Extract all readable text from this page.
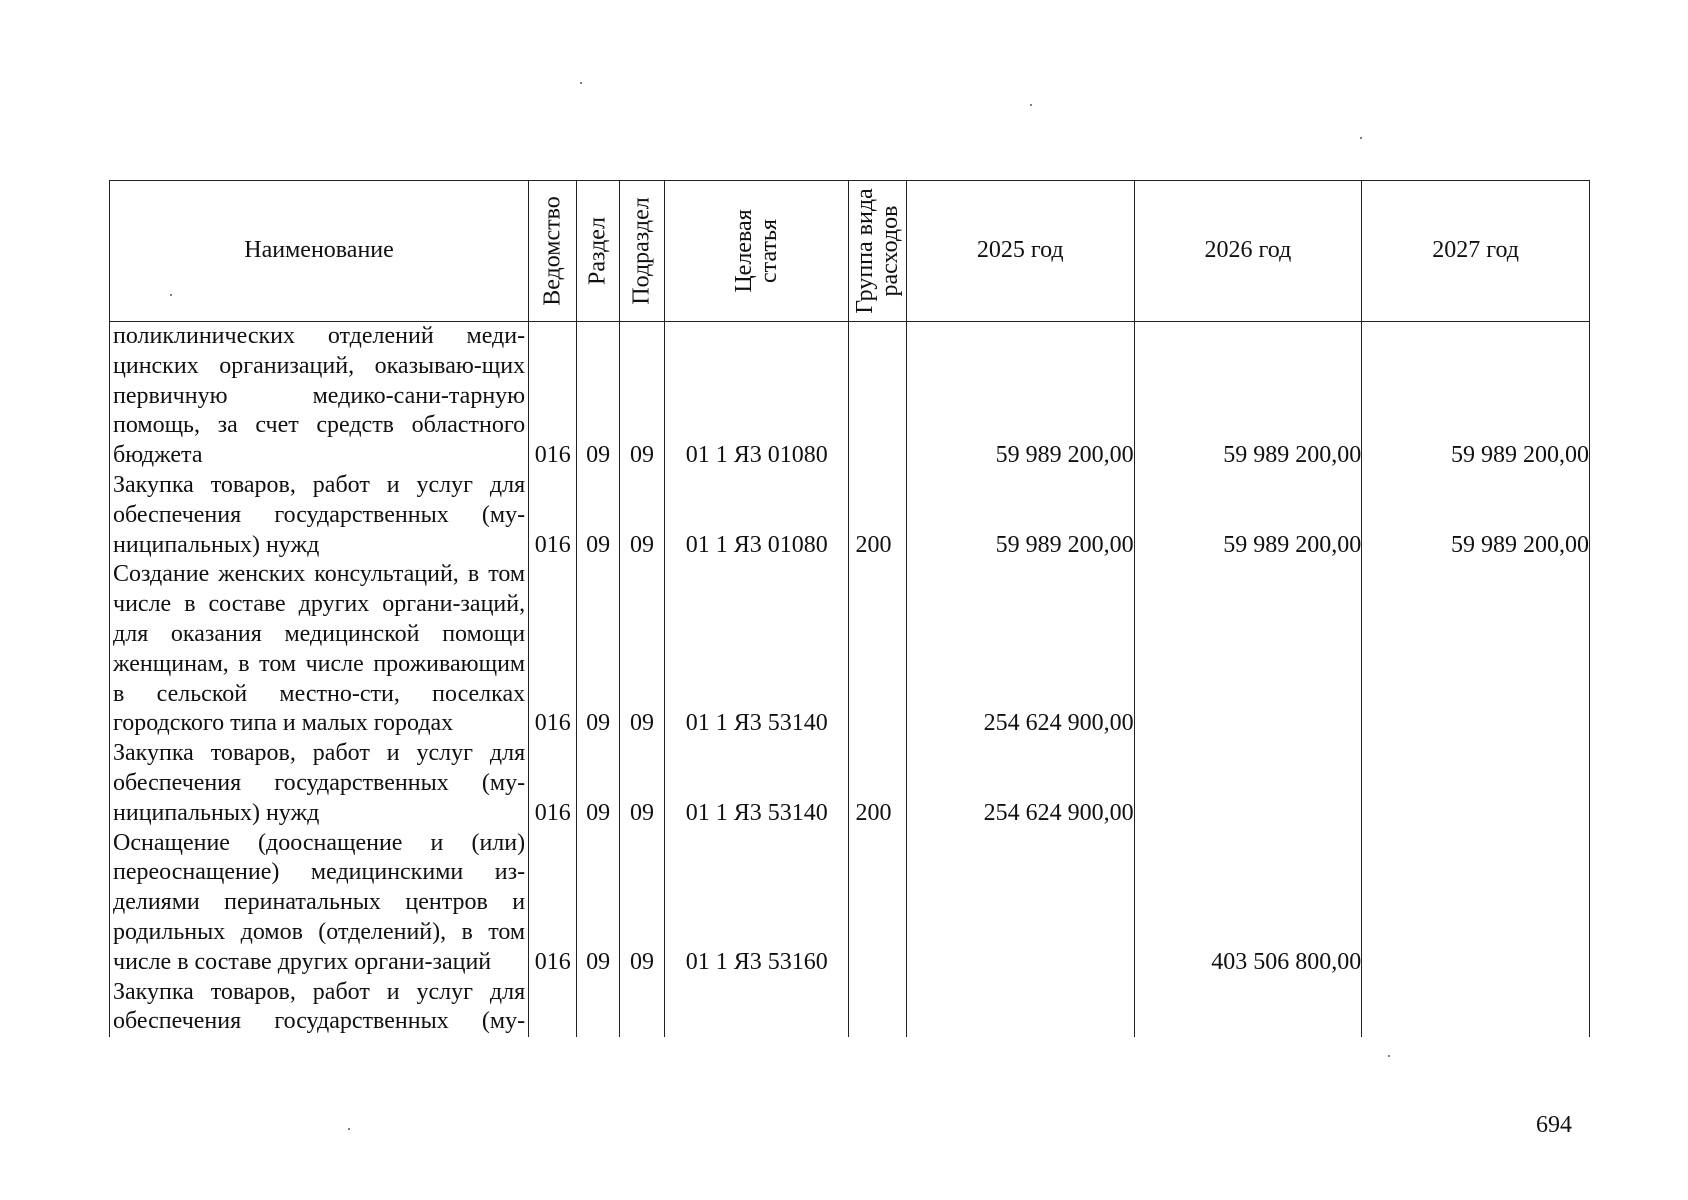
Наименование	Ведомство	Раздел	Подраздел	Целевая статья	Группа вида расходов	2025 год	2026 год	2027 год
поликлинических отделений меди-цинских организаций, оказываю-щих первичную медико-сани-тарную помощь, за счет средств областного бюджета	016	09	09	01 1 Я3 01080		59 989 200,00	59 989 200,00	59 989 200,00
Закупка товаров, работ и услуг для обеспечения государственных (му-ниципальных) нужд	016	09	09	01 1 Я3 01080	200	59 989 200,00	59 989 200,00	59 989 200,00
Создание женских консультаций, в том числе в составе других органи-заций, для оказания медицинской помощи женщинам, в том числе проживающим в сельской местно-сти, поселках городского типа и малых городах	016	09	09	01 1 Я3 53140		254 624 900,00		
Закупка товаров, работ и услуг для обеспечения государственных (му-ниципальных) нужд	016	09	09	01 1 Я3 53140	200	254 624 900,00		
Оснащение (дооснащение и (или) переоснащение) медицинскими из-делиями перинатальных центров и родильных домов (отделений), в том числе в составе других органи-заций	016	09	09	01 1 Я3 53160			403 506 800,00	
Закупка товаров, работ и услуг для обеспечения государственных (му-								
694
